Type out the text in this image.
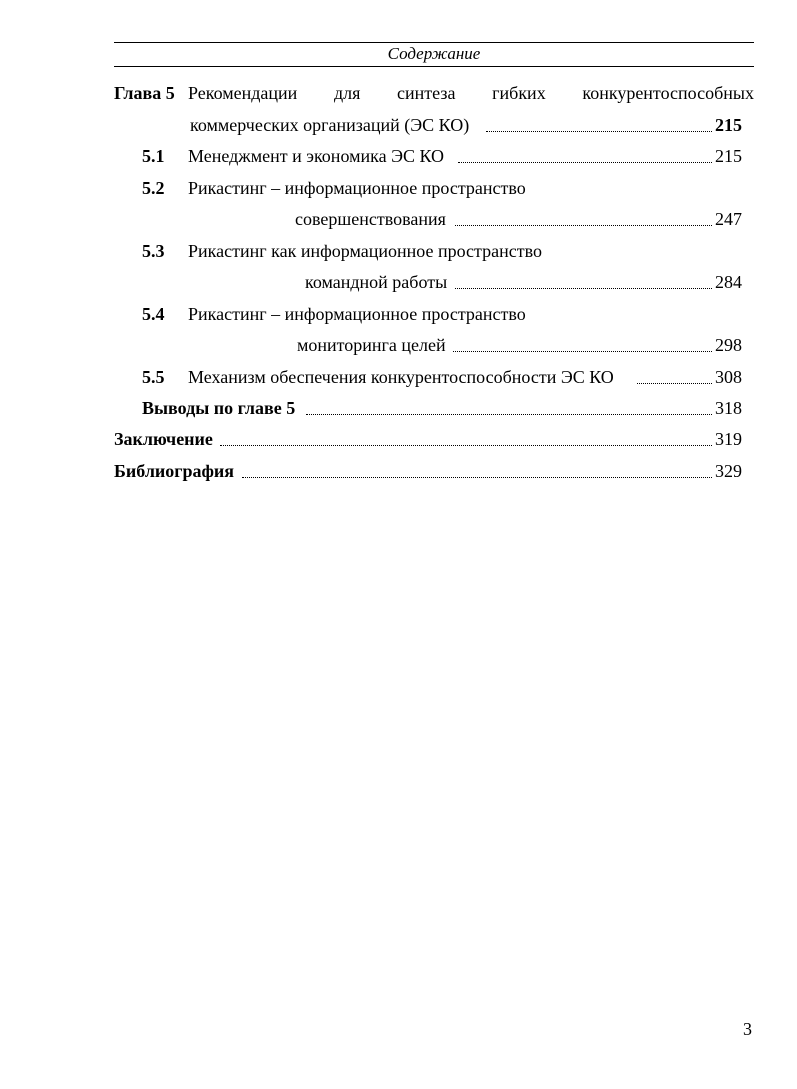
Содержание
Глава 5 Рекомендации для синтеза гибких конкурентоспособных
коммерческих организаций (ЭС КО)	215
5.1 Менеджмент и экономика ЭС КО	215
5.2 Рикастинг – информационное пространство
совершенствования	247
5.3 Рикастинг как информационное пространство
командной работы	284
5.4 Рикастинг – информационное пространство
мониторинга целей	298
5.5 Механизм обеспечения конкурентоспособности ЭС КО	308
Выводы по главе 5	318
Заключение	319
Библиография	329
3
